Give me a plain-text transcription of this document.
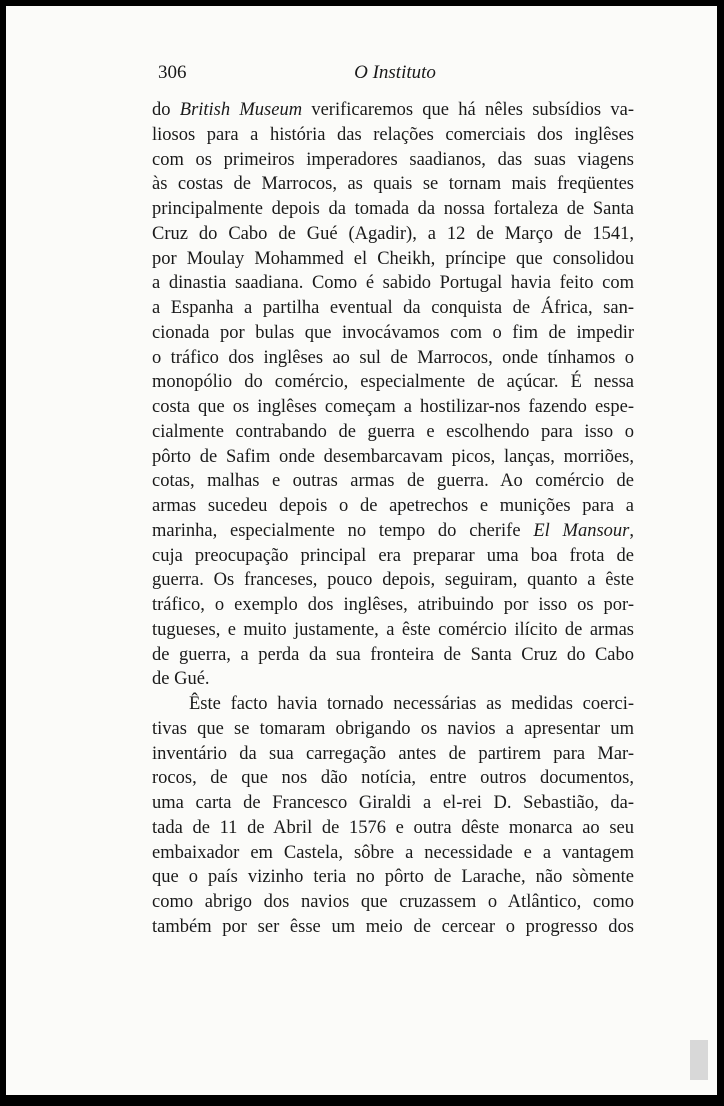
306	O Instituto
do British Museum verificaremos que há nêles subsídios va-
liosos para a história das relações comerciais dos inglêses
com os primeiros imperadores saadianos, das suas viagens
às costas de Marrocos, as quais se tornam mais freqüentes
principalmente depois da tomada da nossa fortaleza de Santa
Cruz do Cabo de Gué (Agadir), a 12 de Março de 1541,
por Moulay Mohammed el Cheikh, príncipe que consolidou
a dinastia saadiana. Como é sabido Portugal havia feito com
a Espanha a partilha eventual da conquista de África, san-
cionada por bulas que invocávamos com o fim de impedir
o tráfico dos inglêses ao sul de Marrocos, onde tínhamos o
monopólio do comércio, especialmente de açúcar. É nessa
costa que os inglêses começam a hostilizar-nos fazendo espe-
cialmente contrabando de guerra e escolhendo para isso o
pôrto de Safim onde desembarcavam picos, lanças, morriões,
cotas, malhas e outras armas de guerra. Ao comércio de
armas sucedeu depois o de apetrechos e munições para a
marinha, especialmente no tempo do cherife El Mansour,
cuja preocupação principal era preparar uma boa frota de
guerra. Os franceses, pouco depois, seguiram, quanto a êste
tráfico, o exemplo dos inglêses, atribuindo por isso os por-
tugueses, e muito justamente, a êste comércio ilícito de armas
de guerra, a perda da sua fronteira de Santa Cruz do Cabo
de Gué.
Êste facto havia tornado necessárias as medidas coerci-
tivas que se tomaram obrigando os navios a apresentar um
inventário da sua carregação antes de partirem para Mar-
rocos, de que nos dão notícia, entre outros documentos,
uma carta de Francesco Giraldi a el-rei D. Sebastião, da-
tada de 11 de Abril de 1576 e outra dêste monarca ao seu
embaixador em Castela, sôbre a necessidade e a vantagem
que o país vizinho teria no pôrto de Larache, não sòmente
como abrigo dos navios que cruzassem o Atlântico, como
também por ser êsse um meio de cercear o progresso dos
